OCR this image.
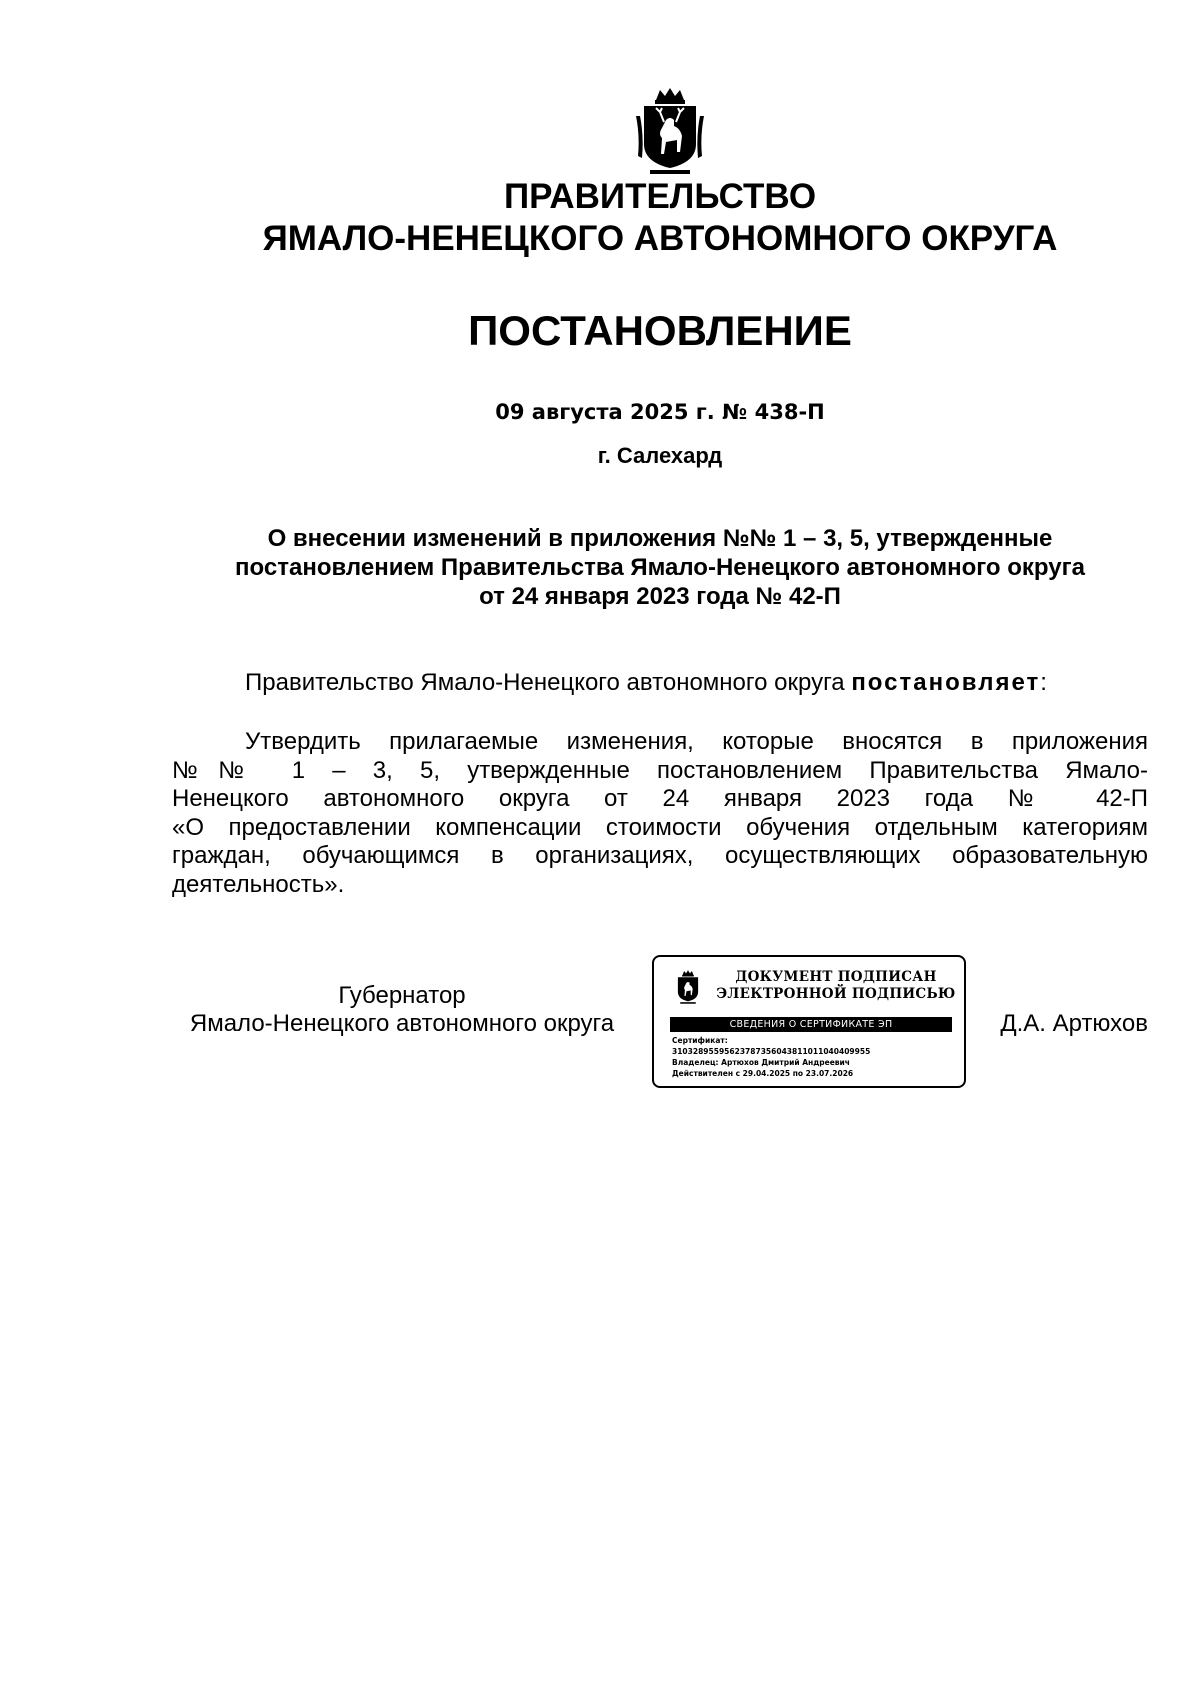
ПРАВИТЕЛЬСТВО
ЯМАЛО-НЕНЕЦКОГО АВТОНОМНОГО ОКРУГА
ПОСТАНОВЛЕНИЕ
09 августа 2025 г. № 438-П
г. Салехард
О внесении изменений в приложения №№ 1 – 3, 5, утвержденные
постановлением Правительства Ямало-Ненецкого автономного округа
от 24 января 2023 года № 42-П
Правительство Ямало-Ненецкого автономного округа постановляет:
Утвердить прилагаемые изменения, которые вносятся в приложения
№№ 1 – 3, 5, утвержденные постановлением Правительства Ямало-
Ненецкого автономного округа от 24 января 2023 года № 42-П
«О предоставлении компенсации стоимости обучения отдельным категориям
граждан, обучающимся в организациях, осуществляющих образовательную
деятельность».
Губернатор
Ямало-Ненецкого автономного округа
ДОКУМЕНТ ПОДПИСАН
ЭЛЕКТРОННОЙ ПОДПИСЬЮ
СВЕДЕНИЯ О СЕРТИФИКАТЕ ЭП
Сертификат:
31032895595623787356043811011040409955
Владелец: Артюхов Дмитрий Андреевич
Действителен с 29.04.2025 по 23.07.2026
Д.А. Артюхов
